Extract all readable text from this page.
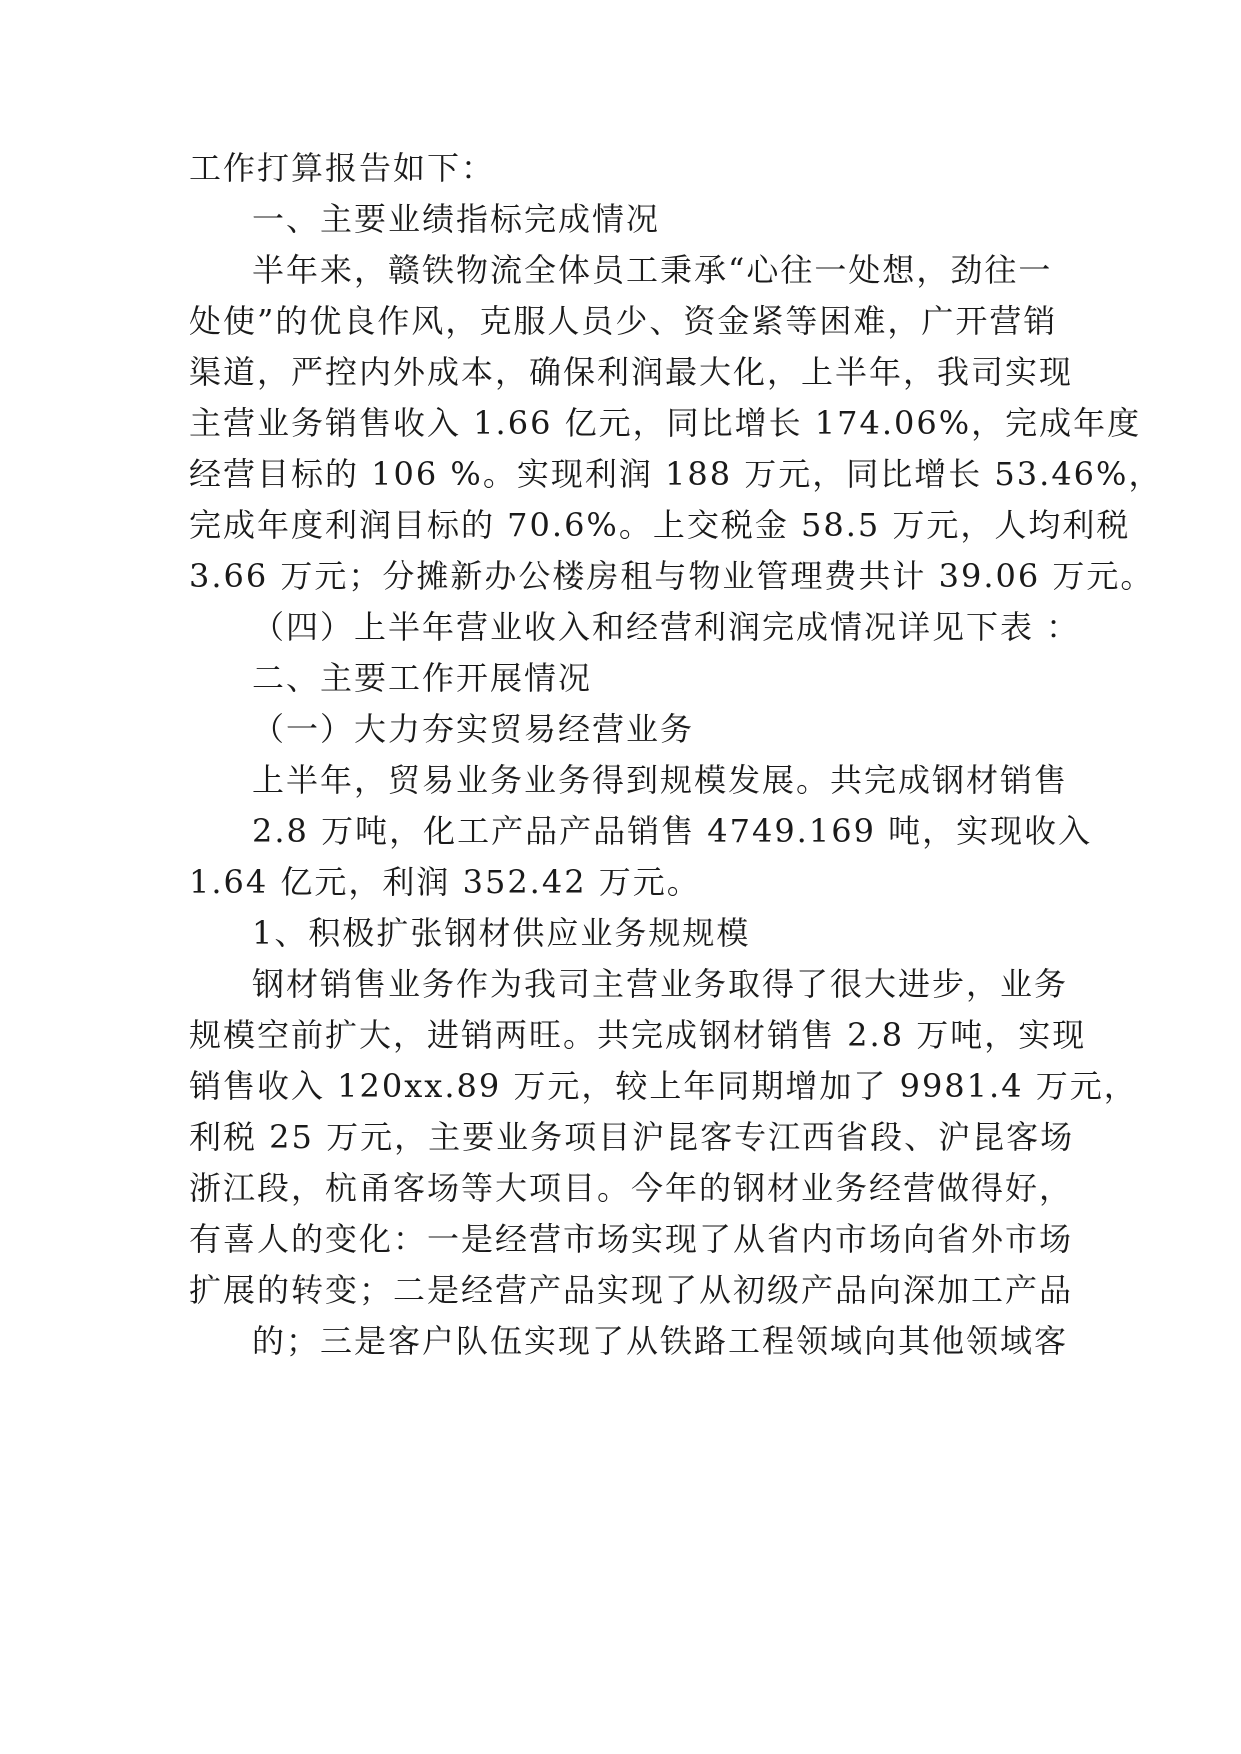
工作打算报告如下：
一、主要业绩指标完成情况
半年来，赣铁物流全体员工秉承“心往一处想，劲往一
处使”的优良作风，克服人员少、资金紧等困难，广开营销
渠道，严控内外成本，确保利润最大化，上半年，我司实现
主营业务销售收入 1.66 亿元，同比增长 174.06%，完成年度
经营目标的 106 %。实现利润 188 万元，同比增长 53.46%，
完成年度利润目标的 70.6%。上交税金 58.5 万元，人均利税
3.66 万元；分摊新办公楼房租与物业管理费共计 39.06 万元。
（四）上半年营业收入和经营利润完成情况详见下表 ：
二、主要工作开展情况
（一）大力夯实贸易经营业务
上半年，贸易业务业务得到规模发展。共完成钢材销售
2.8 万吨，化工产品产品销售 4749.169 吨，实现收入
1.64 亿元，利润 352.42 万元。
1、积极扩张钢材供应业务规规模
钢材销售业务作为我司主营业务取得了很大进步，业务
规模空前扩大，进销两旺。共完成钢材销售 2.8 万吨，实现
销售收入 120xx.89 万元，较上年同期增加了 9981.4 万元，
利税 25 万元，主要业务项目沪昆客专江西省段、沪昆客场
浙江段，杭甬客场等大项目。今年的钢材业务经营做得好，
有喜人的变化：一是经营市场实现了从省内市场向省外市场
扩展的转变；二是经营产品实现了从初级产品向深加工产品
的；三是客户队伍实现了从铁路工程领域向其他领域客
